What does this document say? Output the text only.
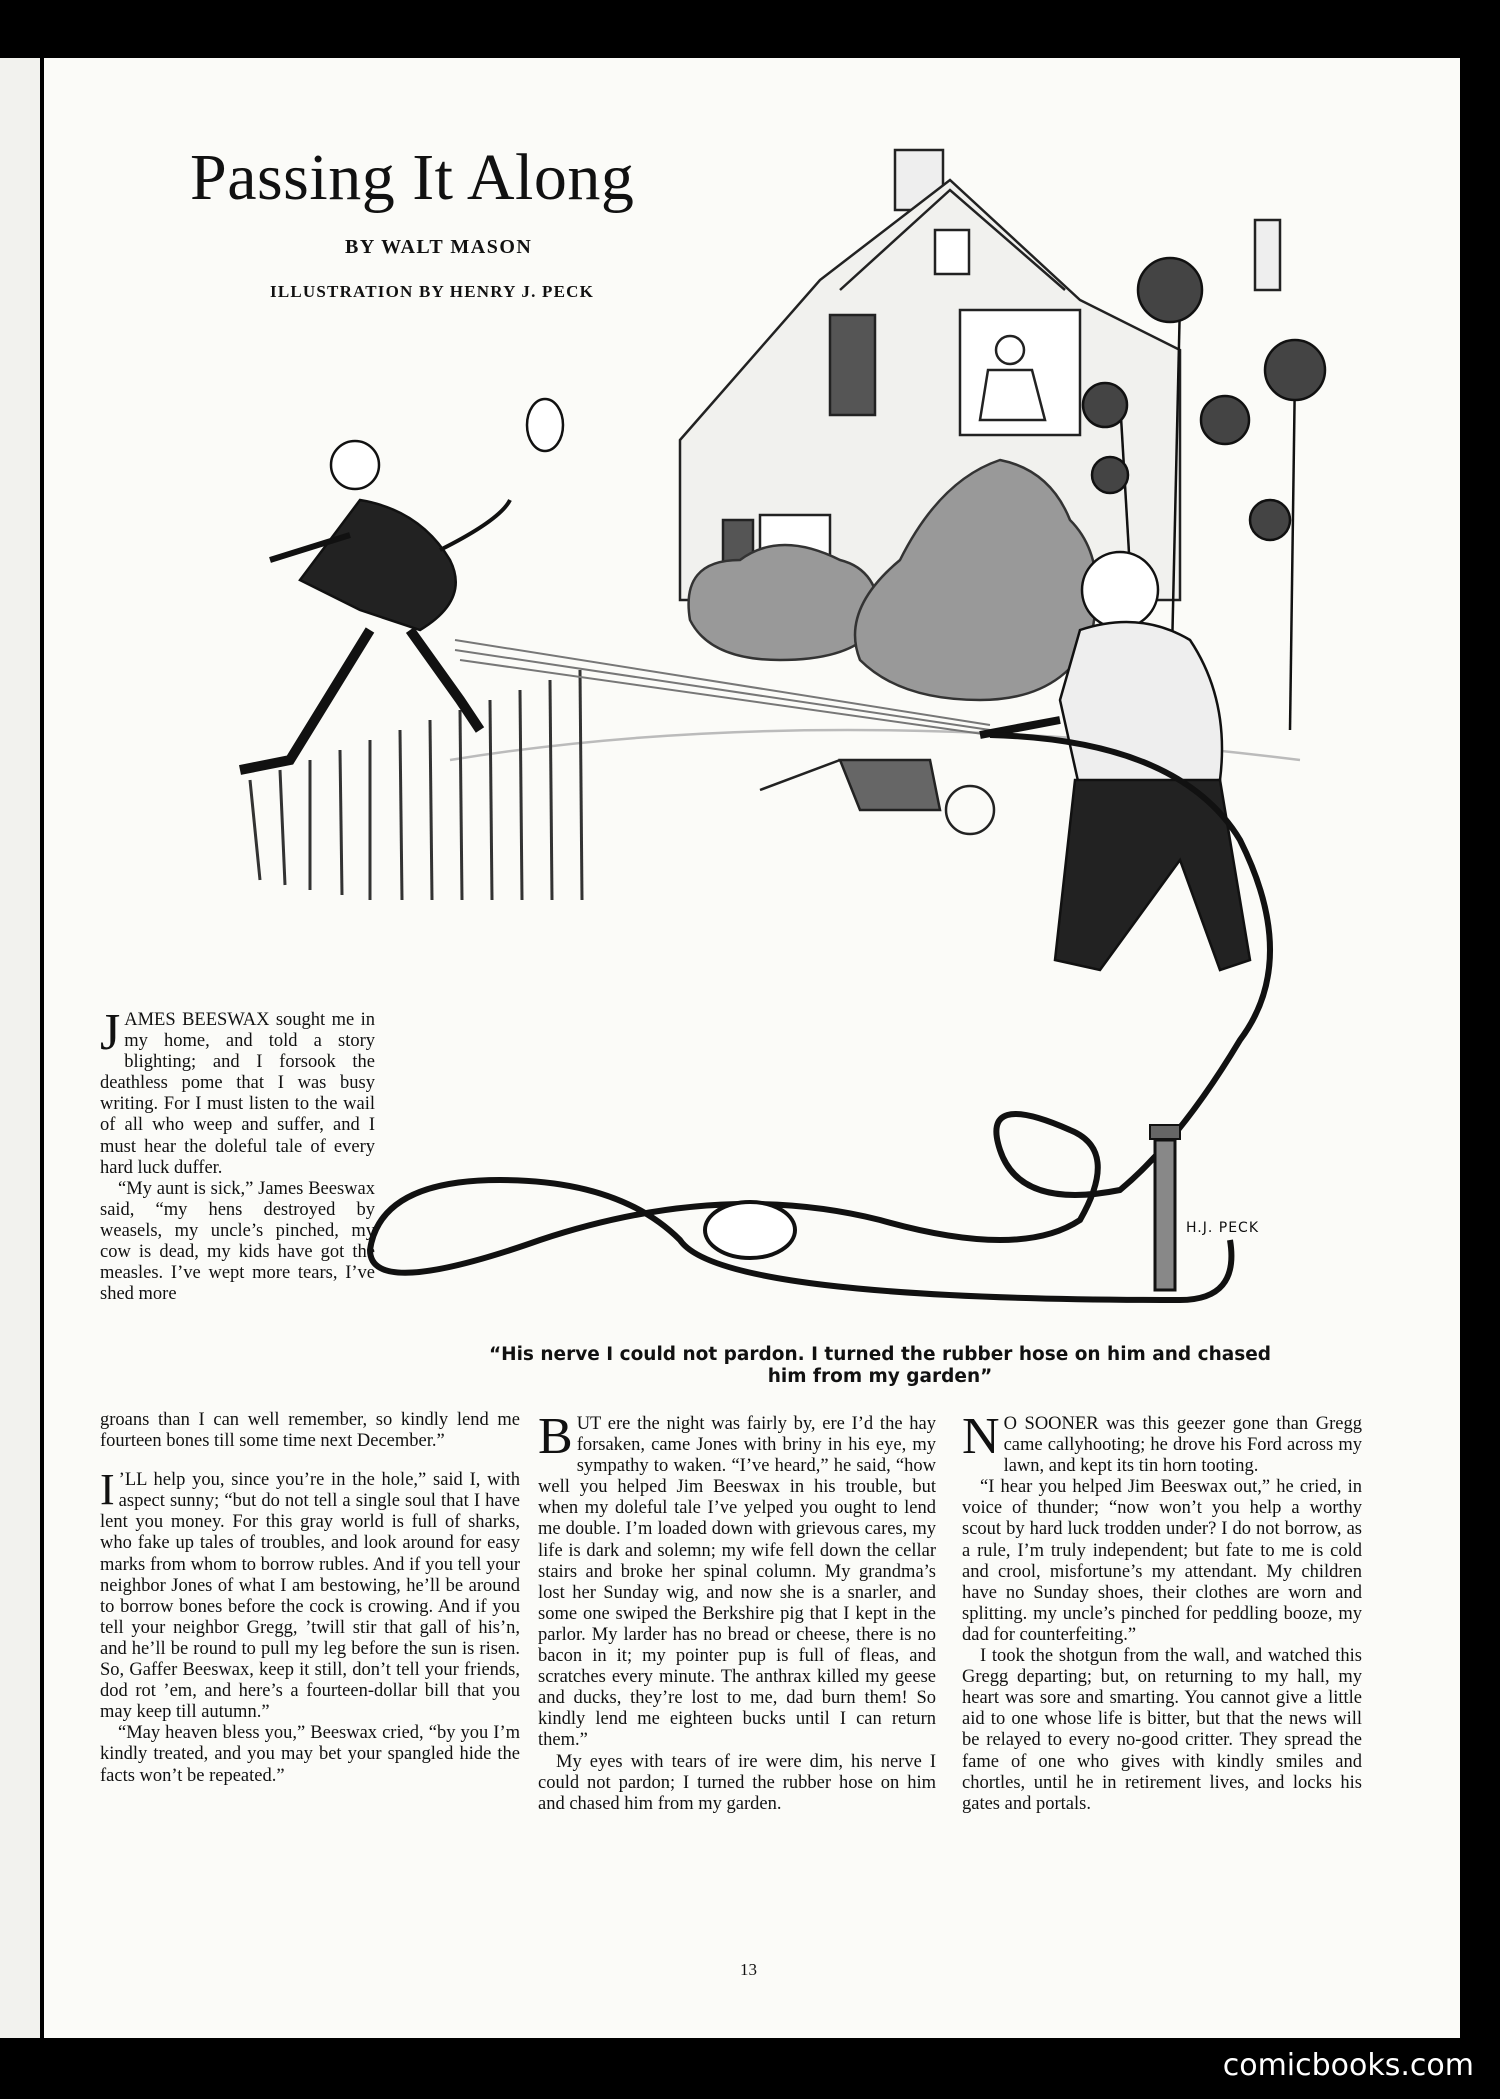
H.J. PECK
Passing It Along
BY WALT MASON
ILLUSTRATION BY HENRY J. PECK
“His nerve I could not pardon. I turned the rubber hose on him and chased him from my garden”

JAMES BEESWAX sought me in my home, and told a story blighting; and I forsook the deathless pome that I was busy writing. For I must listen to the wail of all who weep and suffer, and I must hear the doleful tale of every hard luck duffer.

“My aunt is sick,” James Beeswax said, “my hens destroyed by weasels, my uncle’s pinched, my cow is dead, my kids have got the measles. I’ve wept more tears, I’ve shed more

groans than I can well remember, so kindly lend me fourteen bones till some time next December.”

I ’LL help you, since you’re in the hole,” said I, with aspect sunny; “but do not tell a single soul that I have lent you money. For this gray world is full of sharks, who fake up tales of troubles, and look around for easy marks from whom to borrow rubles. And if you tell your neighbor Jones of what I am bestowing, he’ll be around to borrow bones before the cock is crowing. And if you tell your neighbor Gregg, ’twill stir that gall of his’n, and he’ll be round to pull my leg before the sun is risen. So, Gaffer Beeswax, keep it still, don’t tell your friends, dod rot ’em, and here’s a fourteen-dollar bill that you may keep till autumn.”

“May heaven bless you,” Beeswax cried, “by you I’m kindly treated, and you may bet your spangled hide the facts won’t be repeated.”

BUT ere the night was fairly by, ere I’d the hay forsaken, came Jones with briny in his eye, my sympathy to waken. “I’ve heard,” he said, “how well you helped Jim Beeswax in his trouble, but when my doleful tale I’ve yelped you ought to lend me double. I’m loaded down with grievous cares, my life is dark and solemn; my wife fell down the cellar stairs and broke her spinal column. My grandma’s lost her Sunday wig, and now she is a snarler, and some one swiped the Berkshire pig that I kept in the parlor. My larder has no bread or cheese, there is no bacon in it; my pointer pup is full of fleas, and scratches every minute. The anthrax killed my geese and ducks, they’re lost to me, dad burn them! So kindly lend me eighteen bucks until I can return them.”

My eyes with tears of ire were dim, his nerve I could not pardon; I turned the rubber hose on him and chased him from my garden.

N O SOONER was this geezer gone than Gregg came callyhooting; he drove his Ford across my lawn, and kept its tin horn tooting.

“I hear you helped Jim Beeswax out,” he cried, in voice of thunder; “now won’t you help a worthy scout by hard luck trodden under? I do not borrow, as a rule, I’m truly independent; but fate to me is cold and crool, misfortune’s my attendant. My children have no Sunday shoes, their clothes are worn and splitting. my uncle’s pinched for peddling booze, my dad for counterfeiting.”

I took the shotgun from the wall, and watched this Gregg departing; but, on returning to my hall, my heart was sore and smarting. You cannot give a little aid to one whose life is bitter, but that the news will be relayed to every no-good critter. They spread the fame of one who gives with kindly smiles and chortles, until he in retirement lives, and locks his gates and portals.

13
comicbooks.com
